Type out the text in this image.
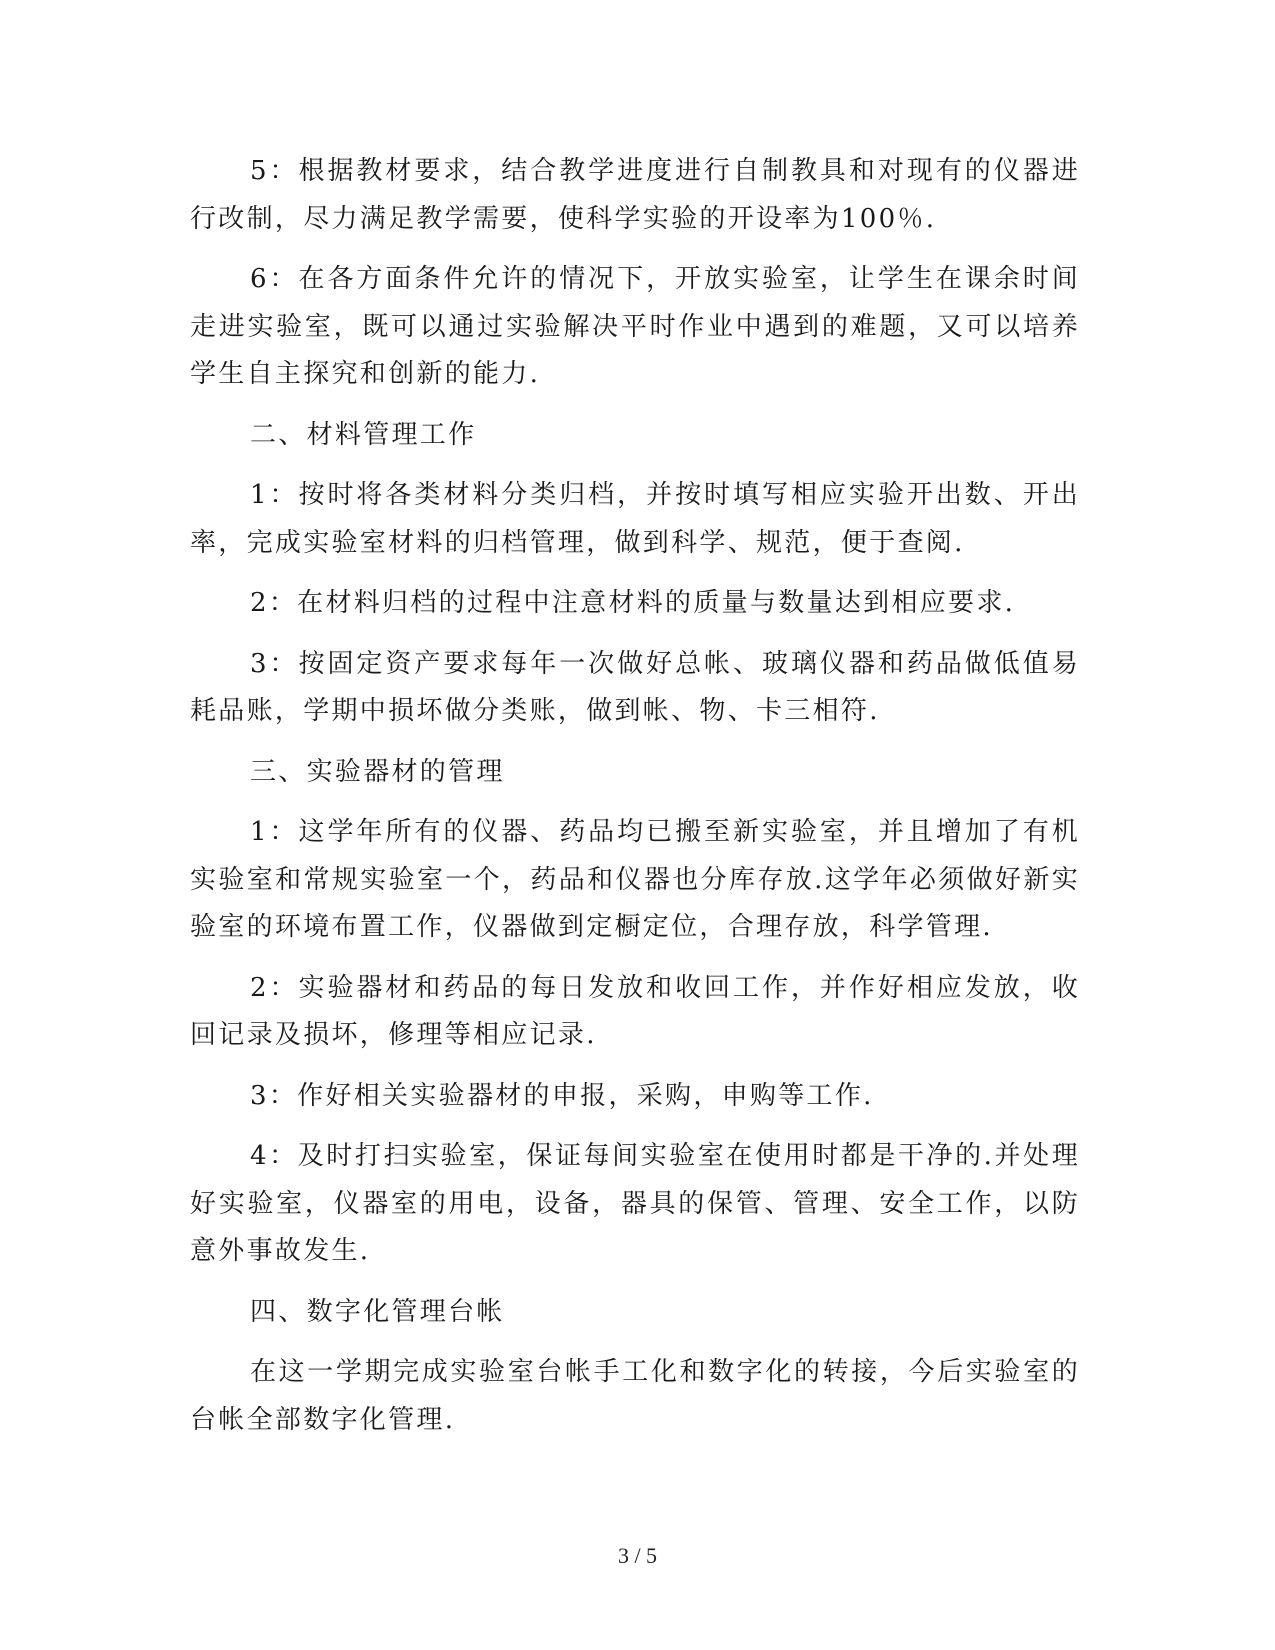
5：根据教材要求，结合教学进度进行自制教具和对现有的仪器进行改制，尽力满足教学需要，使科学实验的开设率为100％.

6：在各方面条件允许的情况下，开放实验室，让学生在课余时间走进实验室，既可以通过实验解决平时作业中遇到的难题，又可以培养学生自主探究和创新的能力.

二、材料管理工作

1：按时将各类材料分类归档，并按时填写相应实验开出数、开出率，完成实验室材料的归档管理，做到科学、规范，便于查阅.

2：在材料归档的过程中注意材料的质量与数量达到相应要求.

3：按固定资产要求每年一次做好总帐、玻璃仪器和药品做低值易耗品账，学期中损坏做分类账，做到帐、物、卡三相符.

三、实验器材的管理

1：这学年所有的仪器、药品均已搬至新实验室，并且增加了有机实验室和常规实验室一个，药品和仪器也分库存放.这学年必须做好新实验室的环境布置工作，仪器做到定橱定位，合理存放，科学管理.

2：实验器材和药品的每日发放和收回工作，并作好相应发放，收回记录及损坏，修理等相应记录.

3：作好相关实验器材的申报，采购，申购等工作.

4：及时打扫实验室，保证每间实验室在使用时都是干净的.并处理好实验室，仪器室的用电，设备，器具的保管、管理、安全工作，以防意外事故发生.

四、数字化管理台帐

在这一学期完成实验室台帐手工化和数字化的转接，今后实验室的台帐全部数字化管理.

3 / 5
